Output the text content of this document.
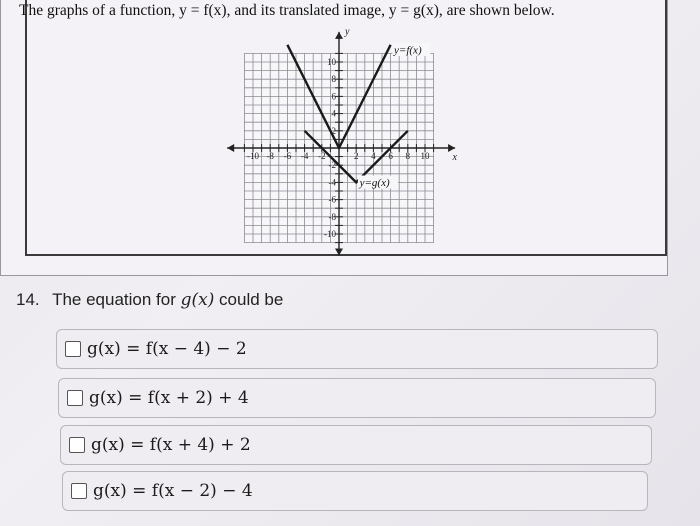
The graphs of a function, y = f(x), and its translated image, y = g(x), are shown below.
-10 -8 -6 -4 -2	2 4 6 8 10
10
8
6
4
2
-2
-4
-6
-8
-10
x
y
y=f(x)
y=g(x)
14. The equation for g(x) could be
g(x) = f(x − 4) − 2
g(x) = f(x + 2) + 4
g(x) = f(x + 4) + 2
g(x) = f(x − 2) − 4
